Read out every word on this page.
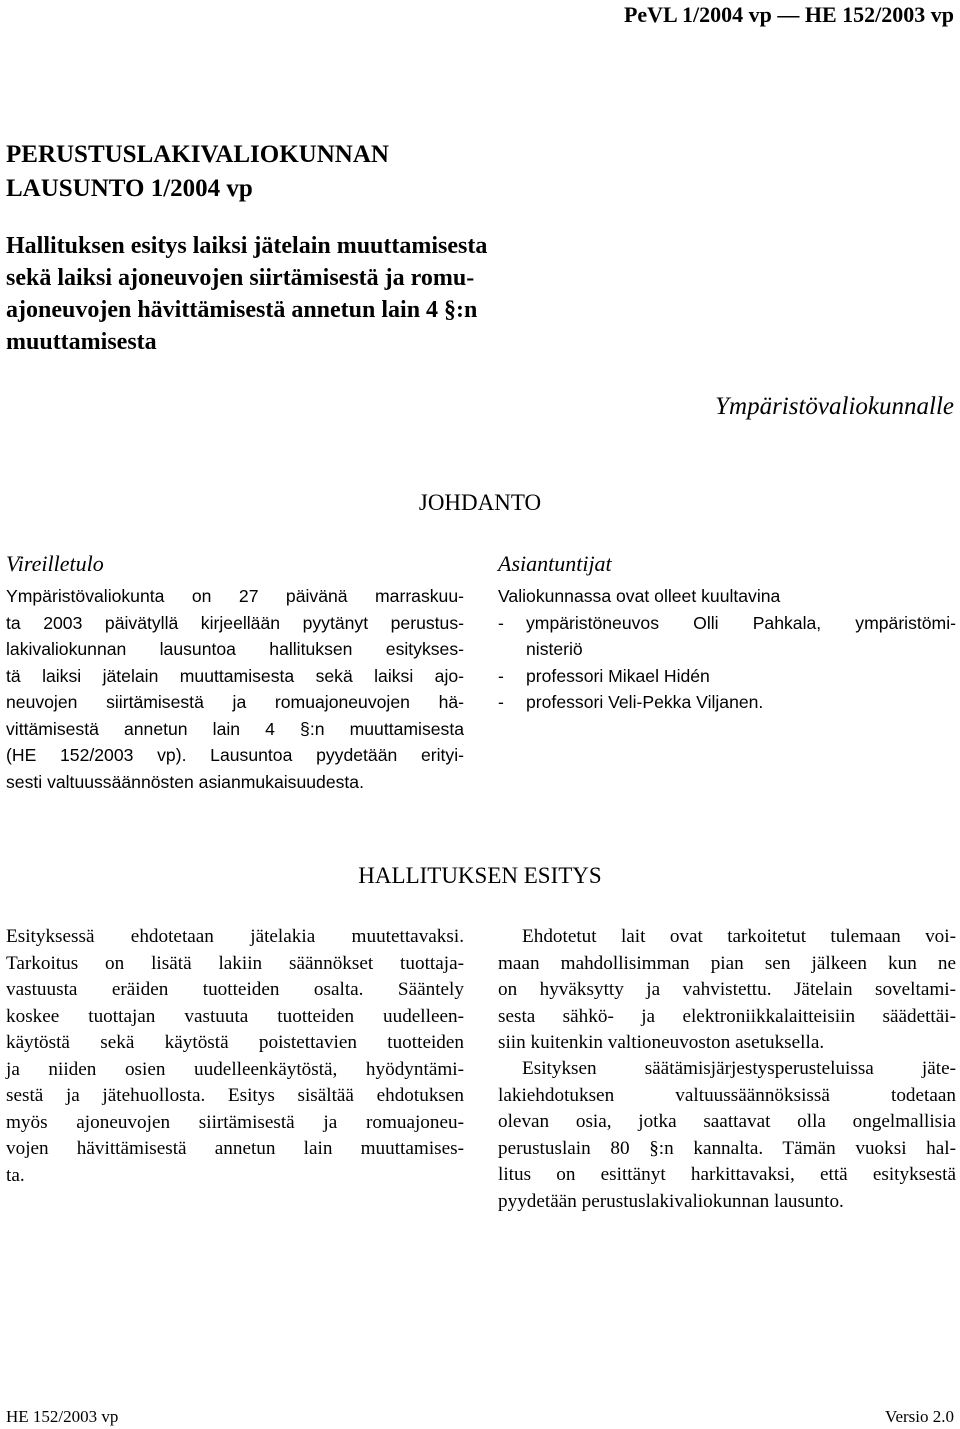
PeVL 1/2004 vp — HE 152/2003 vp
PERUSTUSLAKIVALIOKUNNAN
LAUSUNTO 1/2004 vp
Hallituksen esitys laiksi jätelain muuttamisesta
sekä laiksi ajoneuvojen siirtämisestä ja romu-
ajoneuvojen hävittämisestä annetun lain 4 §:n
muuttamisesta
Ympäristövaliokunnalle
JOHDANTO
Vireilletulo
Ympäristövaliokunta on 27 päivänä marraskuu-
ta 2003 päivätyllä kirjeellään pyytänyt perustus-
lakivaliokunnan lausuntoa hallituksen esitykses-
tä laiksi jätelain muuttamisesta sekä laiksi ajo-
neuvojen siirtämisestä ja romuajoneuvojen hä-
vittämisestä annetun lain 4 §:n muuttamisesta
(HE 152/2003 vp). Lausuntoa pyydetään erityi-
sesti valtuussäännösten asianmukaisuudesta.
Asiantuntijat
Valiokunnassa ovat olleet kuultavina
- ympäristöneuvos Olli Pahkala, ympäristömi-
nisteriö
- professori Mikael Hidén
- professori Veli-Pekka Viljanen.
HALLITUKSEN ESITYS
Esityksessä ehdotetaan jätelakia muutettavaksi.
Tarkoitus on lisätä lakiin säännökset tuottaja-
vastuusta eräiden tuotteiden osalta. Sääntely
koskee tuottajan vastuuta tuotteiden uudelleen-
käytöstä sekä käytöstä poistettavien tuotteiden
ja niiden osien uudelleenkäytöstä, hyödyntämi-
sestä ja jätehuollosta. Esitys sisältää ehdotuksen
myös ajoneuvojen siirtämisestä ja romuajoneu-
vojen hävittämisestä annetun lain muuttamises-
ta.
Ehdotetut lait ovat tarkoitetut tulemaan voi-
maan mahdollisimman pian sen jälkeen kun ne
on hyväksytty ja vahvistettu. Jätelain soveltami-
sesta sähkö- ja elektroniikkalaitteisiin säädettäi-
siin kuitenkin valtioneuvoston asetuksella.
Esityksen säätämisjärjestysperusteluissa jäte-
lakiehdotuksen valtuussäännöksissä todetaan
olevan osia, jotka saattavat olla ongelmallisia
perustuslain 80 §:n kannalta. Tämän vuoksi hal-
litus on esittänyt harkittavaksi, että esityksestä
pyydetään perustuslakivaliokunnan lausunto.
HE 152/2003 vp	Versio 2.0
